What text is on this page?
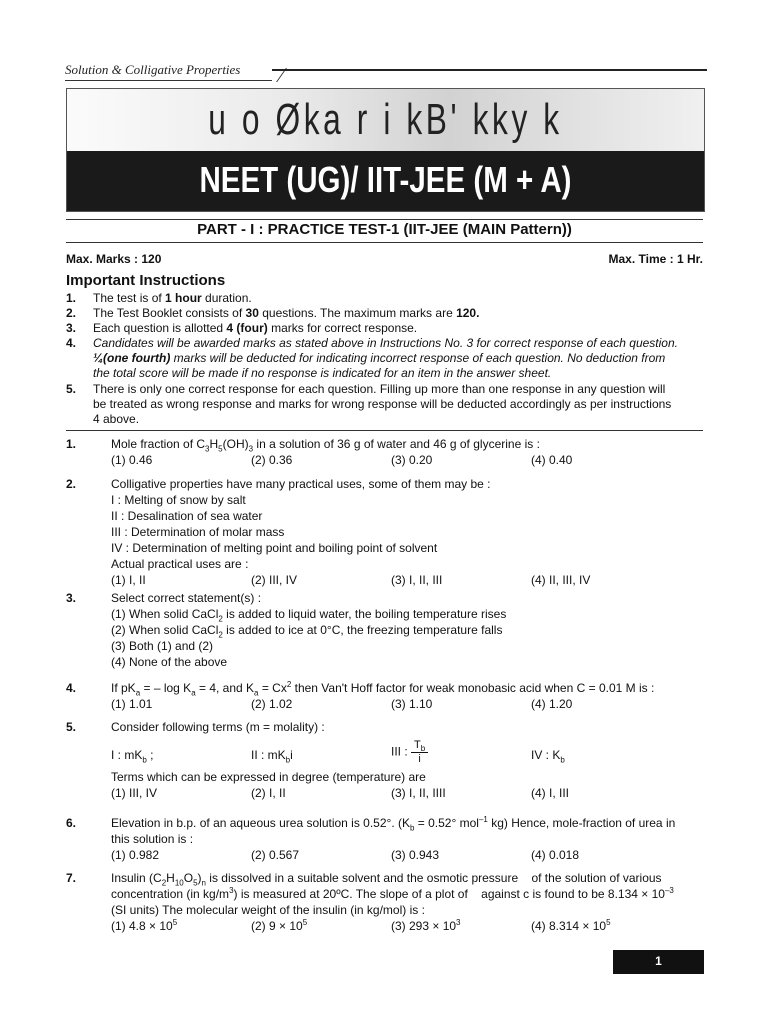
Solution & Colligative Properties
u o Øka r i kB' kky k
NEET (UG)/ IIT-JEE (M + A)
PART - I : PRACTICE TEST-1 (IIT-JEE (MAIN Pattern))
Max. Marks : 120	Max. Time : 1 Hr.
Important Instructions
1. The test is of 1 hour duration.
2. The Test Booklet consists of 30 questions. The maximum marks are 120.
3. Each question is allotted 4 (four) marks for correct response.
4. Candidates will be awarded marks as stated above in Instructions No. 3 for correct response of each question.
¼(one fourth) marks will be deducted for indicating incorrect response of each question. No deduction from
the total score will be made if no response is indicated for an item in the answer sheet.
5. There is only one correct response for each question. Filling up more than one response in any question will
be treated as wrong response and marks for wrong response will be deducted accordingly as per instructions
4 above.
1.	Mole fraction of $C_3H_5(OH)_3$ in a solution of 36 g of water and 46 g of glycerine is :
(1) 0.46	(2) 0.36	(3) 0.20	(4) 0.40
2.	Colligative properties have many practical uses, some of them may be :
I : Melting of snow by salt
II : Desalination of sea water
III : Determination of molar mass
IV : Determination of melting point and boiling point of solvent
Actual practical uses are :
(1) I, II	(2) III, IV	(3) I, II, III	(4) II, III, IV
3.	Select correct statement(s) :
(1) When solid CaCl$_2$ is added to liquid water, the boiling temperature rises
(2) When solid CaCl$_2$ is added to ice at 0°C, the freezing temperature falls
(3) Both (1) and (2)
(4) None of the above
4.	If $pK_a$ = – $\log K_a = 4$, and $K_a = Cx^2$ then Van't Hoff factor for weak monobasic acid when C = 0.01 M is :
(1) 1.01	(2) 1.02	(3) 1.10	(4) 1.20
5.	Consider following terms (m = molality) :
I : $mK_b$ ;	II : $mK_bi$	III : $\frac{T_b}{i}$	IV : $K_b$
Terms which can be expressed in degree (temperature) are
(1) III, IV	(2) I, II	(3) I, II, IIII	(4) I, III
6.	Elevation in b.p. of an aqueous urea solution is 0.52°. ($K_b = 0.52^\circ$ mol$^{-1}$ kg) Hence, mole-fraction of urea in
this solution is :
(1) 0.982	(2) 0.567	(3) 0.943	(4) 0.018
7.	Insulin $(C_2H_{10}O_5)_n$ is dissolved in a suitable solvent and the osmotic pressure    of the solution of various
concentration (in $kg/m^3$) is measured at 20ºC. The slope of a plot of    against c is found to be $8.134 \times 10^{-3}$
(SI units) The molecular weight of the insulin (in kg/mol) is :
(1) $4.8 \times 10^5$	(2) $9 \times 10^5$	(3) $293 \times 10^3$	(4) $8.314 \times 10^5$
1
